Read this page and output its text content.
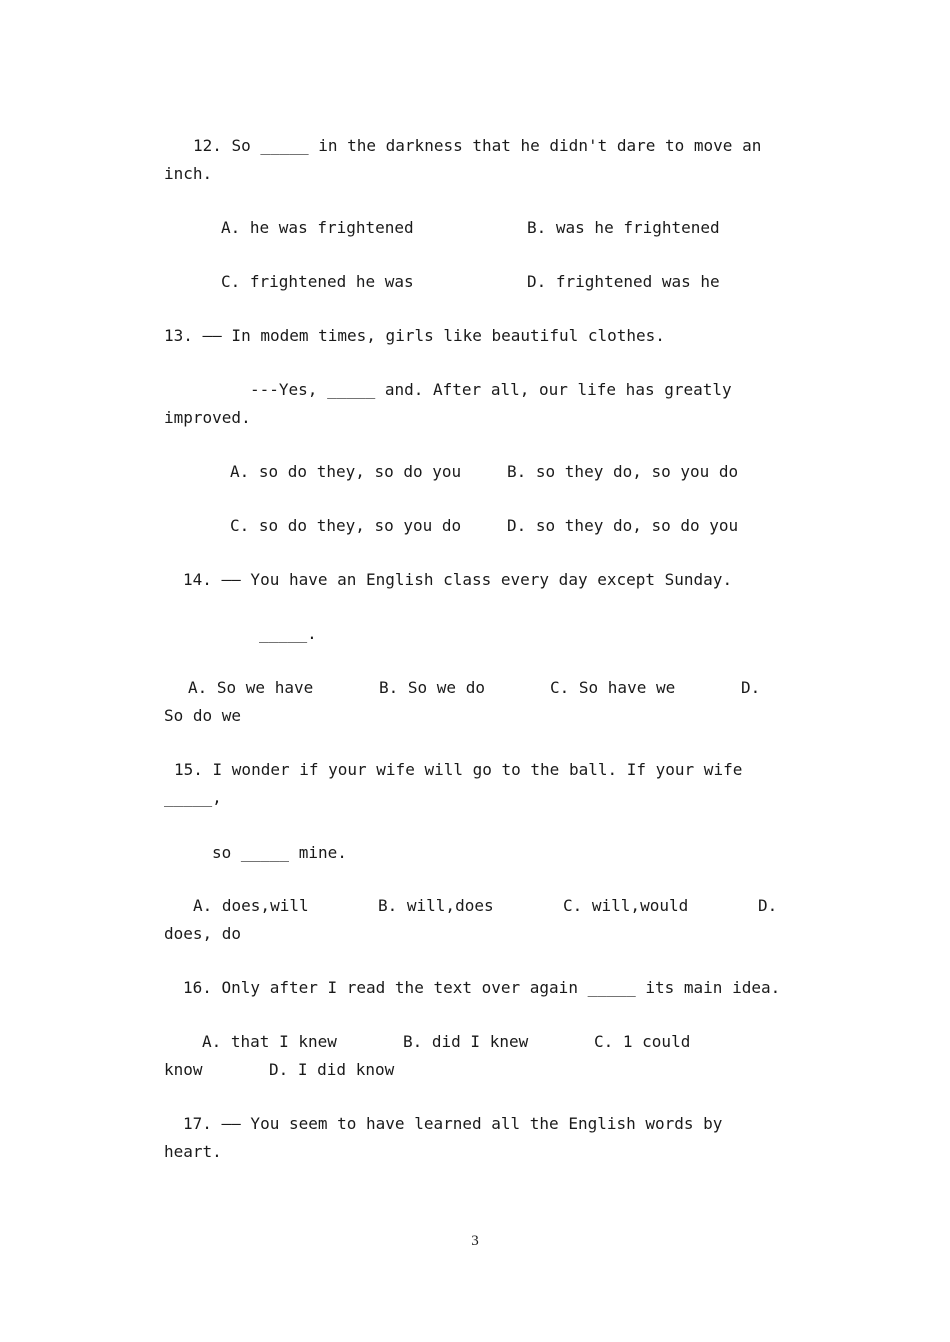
12. So _____ in the darkness that he didn't dare to move an

inch.

A. he was frightened	B. was he frightened

C. frightened he was	D. frightened was he

13. —— In modem times, girls like beautiful clothes.

---Yes, _____ and. After all, our life has greatly

improved.

A. so do they, so do you	B. so they do, so you do

C. so do they, so you do	D. so they do, so do you

14. —— You have an English class every day except Sunday.

_____.

A. So we have	B. So we do	C. So have we	D.

So do we

15. I wonder if your wife will go to the ball. If your wife

_____,

so _____ mine.

A. does,will	B. will,does	C. will,would	D.

does, do

16. Only after I read the text over again _____ its main idea.

A. that I knew	B. did I knew	C. 1 could

know	D. I did know

17. —— You seem to have learned all the English words by

heart.

3
